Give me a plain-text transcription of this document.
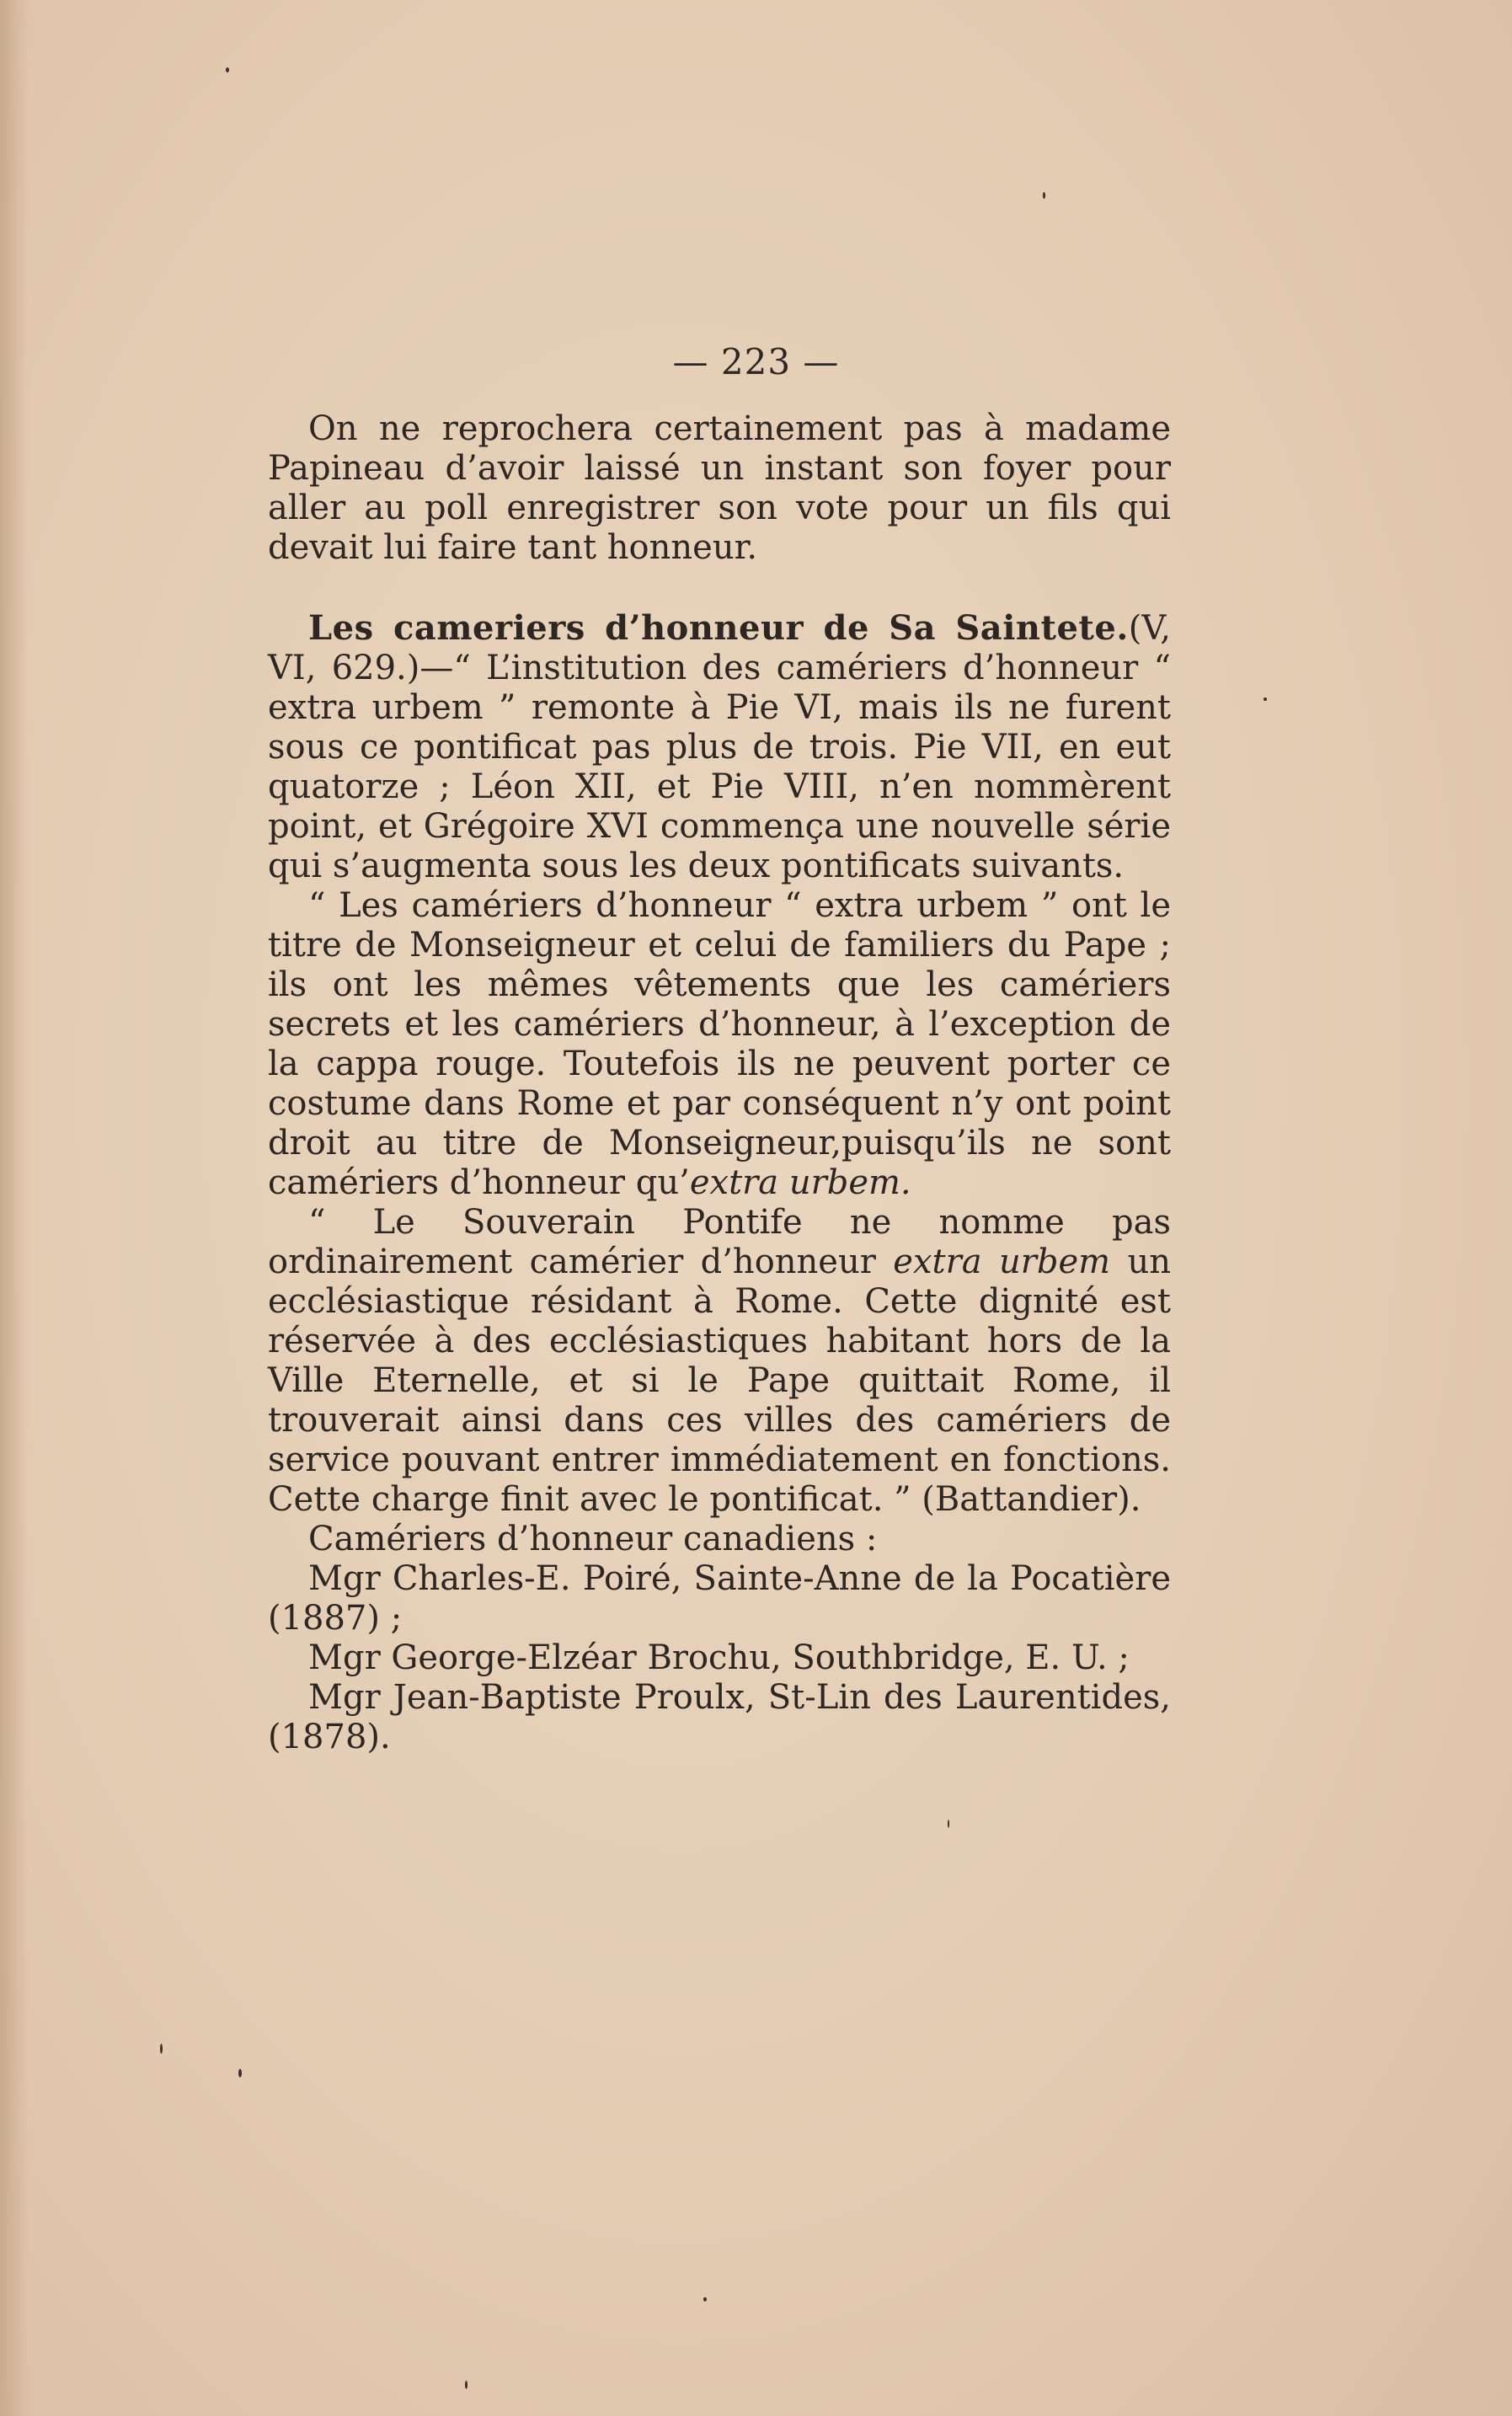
— 223 —

On ne reprochera certainement pas à madame Papineau d’avoir laissé un instant son foyer pour aller au poll enregistrer son vote pour un fils qui devait lui faire tant honneur.

Les cameriers d’honneur de Sa Saintete.(V, VI, 629.)—“ L’institution des camériers d’honneur “ extra urbem ” remonte à Pie VI, mais ils ne furent sous ce pontificat pas plus de trois. Pie VII, en eut quatorze ; Léon XII, et Pie VIII, n’en nommèrent point, et Grégoire XVI commença une nouvelle série qui s’augmenta sous les deux pontificats suivants.

“ Les camériers d’honneur “ extra urbem ” ont le titre de Monseigneur et celui de familiers du Pape ; ils ont les mêmes vêtements que les camériers secrets et les camériers d’honneur, à l’exception de la cappa rouge. Toutefois ils ne peuvent porter ce costume dans Rome et par conséquent n’y ont point droit au titre de Monseigneur,puisqu’ils ne sont camériers d’honneur qu’extra urbem.

“ Le Souverain Pontife ne nomme pas ordinairement camérier d’honneur extra urbem un ecclésiastique résidant à Rome. Cette dignité est réservée à des ecclésiastiques habitant hors de la Ville Eternelle, et si le Pape quittait Rome, il trouverait ainsi dans ces villes des camériers de service pouvant entrer immédiatement en fonctions. Cette charge finit avec le pontificat. ” (Battandier).

Camériers d’honneur canadiens :

Mgr Charles-E. Poiré, Sainte-Anne de la Pocatière (1887) ;

Mgr George-Elzéar Brochu, Southbridge, E. U. ;

Mgr Jean-Baptiste Proulx, St-Lin des Laurentides, (1878).
